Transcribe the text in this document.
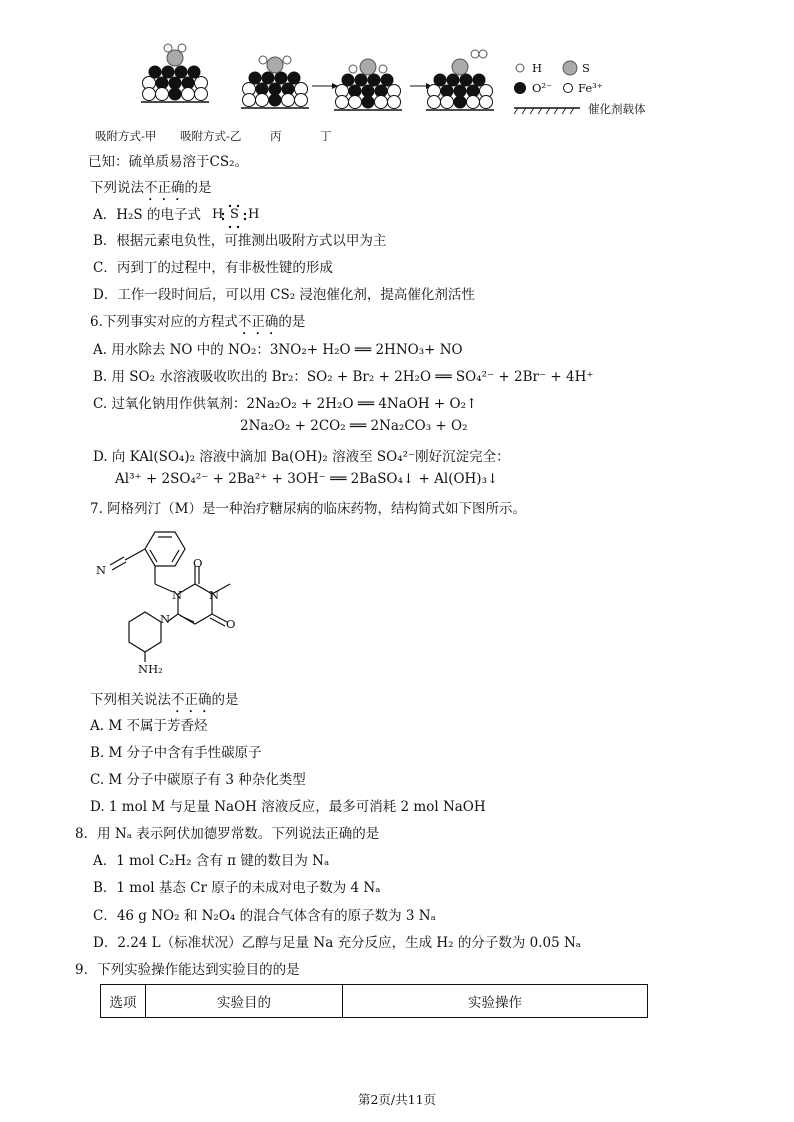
H	S
O²⁻ Fe³⁺
催化剂载体
吸附方式-甲 吸附方式-乙 丙	丁
已知：硫单质易溶于CS₂。
下列说法不正确的是
A．H₂S 的电子式 H S H
B．根据元素电负性，可推测出吸附方式以甲为主
C．丙到丁的过程中，有非极性键的形成
D．工作一段时间后，可以用 CS₂ 浸泡催化剂，提高催化剂活性
6.下列事实对应的方程式不正确的是
A. 用水除去 NO 中的 NO₂：3NO₂+ H₂O ══ 2HNO₃+ NO
B. 用 SO₂ 水溶液吸收吹出的 Br₂：SO₂ + Br₂ + 2H₂O ══ SO₄²⁻ + 2Br⁻ + 4H⁺
C. 过氧化钠用作供氧剂：2Na₂O₂ + 2H₂O ══ 4NaOH + O₂↑
2Na₂O₂ + 2CO₂ ══ 2Na₂CO₃ + O₂
D. 向 KAl(SO₄)₂ 溶液中滴加 Ba(OH)₂ 溶液至 SO₄²⁻刚好沉淀完全：
Al³⁺ + 2SO₄²⁻ + 2Ba²⁺ + 3OH⁻ ══ 2BaSO₄↓ + Al(OH)₃↓
7. 阿格列汀（M）是一种治疗糖尿病的临床药物，结构简式如下图所示。
N
N N
O
O
N
NH₂
下列相关说法不正确的是
A. M 不属于芳香烃
B. M 分子中含有手性碳原子
C. M 分子中碳原子有 3 种杂化类型
D. 1 mol M 与足量 NaOH 溶液反应，最多可消耗 2 mol NaOH
8．用 Nₐ 表示阿伏加德罗常数。下列说法正确的是
A．1 mol C₂H₂ 含有 π 键的数目为 Nₐ
B．1 mol 基态 Cr 原子的未成对电子数为 4 Nₐ
C．46 g NO₂ 和 N₂O₄ 的混合气体含有的原子数为 3 Nₐ
D．2.24 L（标准状况）乙醇与足量 Na 充分反应，生成 H₂ 的分子数为 0.05 Nₐ
9．下列实验操作能达到实验目的的是
选项	实验目的	实验操作
第2页/共11页
